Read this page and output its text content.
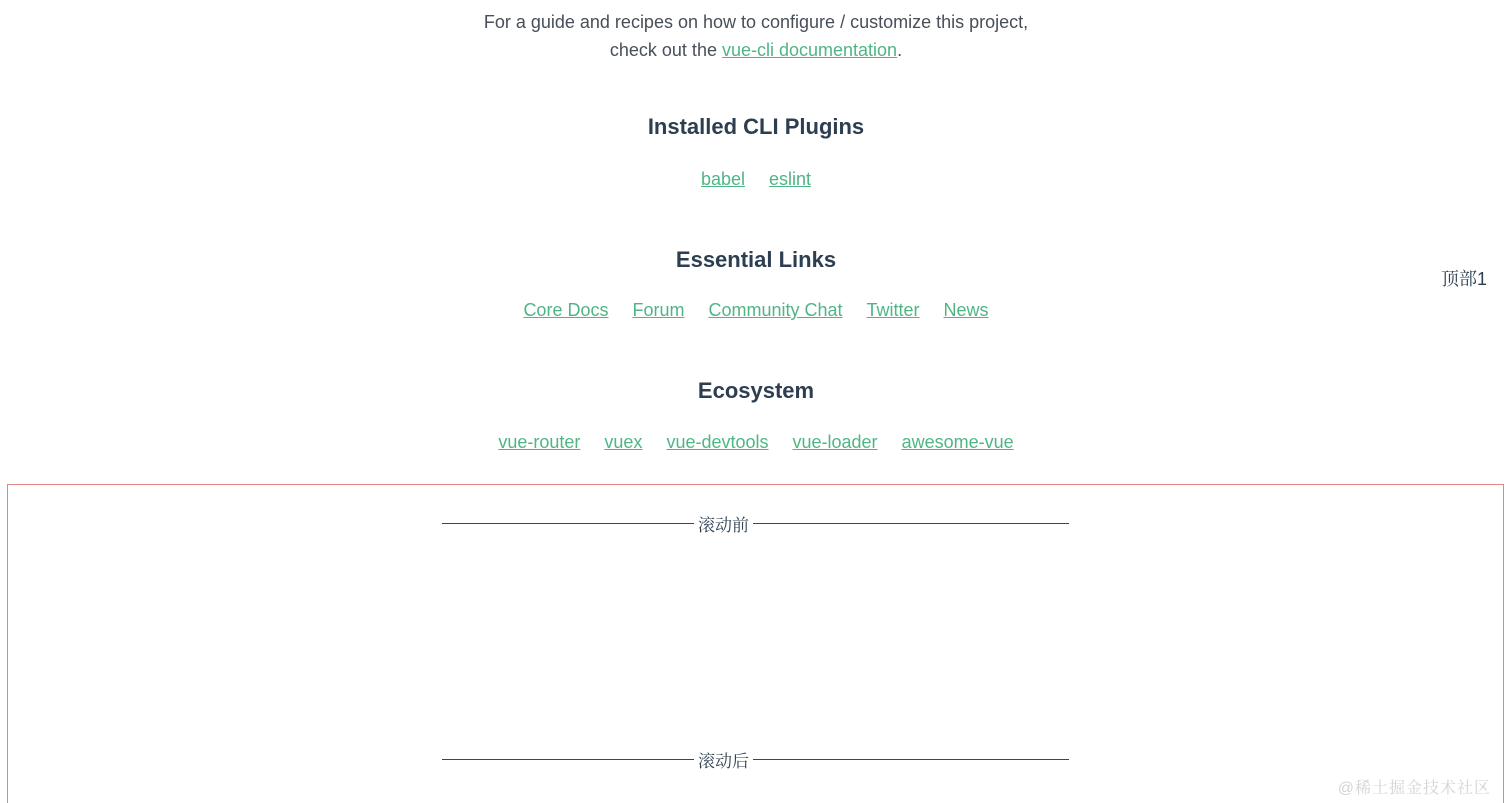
For a guide and recipes on how to configure / customize this project,
check out the vue-cli documentation.

Installed CLI Plugins
babel eslint
Essential Links
Core Docs Forum Community Chat Twitter News
Ecosystem
vue-router vuex vue-devtools vue-loader awesome-vue
顶部1
滚动前
滚动后
@稀土掘金技术社区
